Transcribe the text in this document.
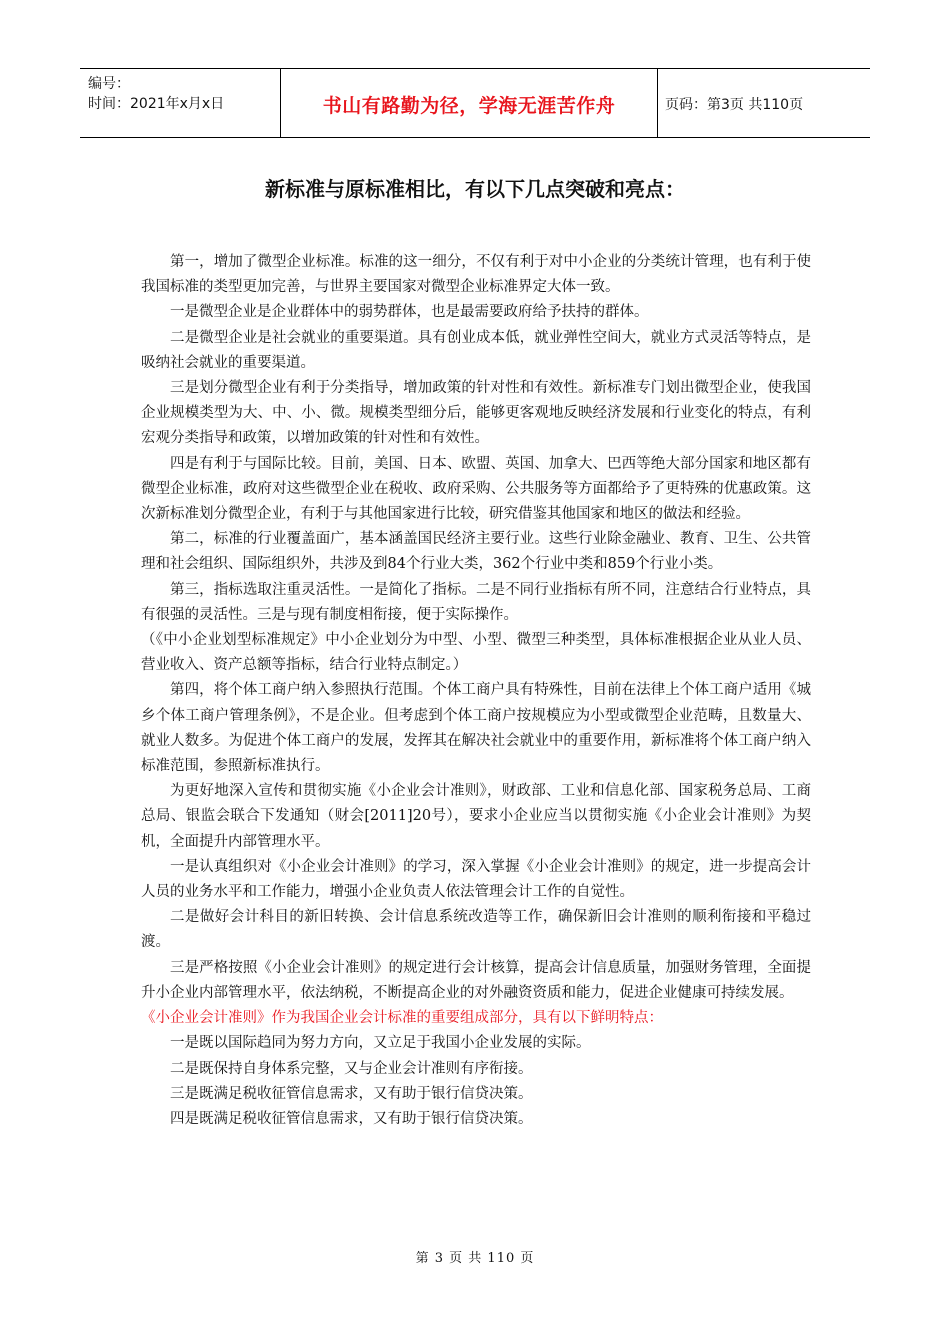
编号：
时间：2021年x月x日	书山有路勤为径，学海无涯苦作舟	页码：第3页 共110页
新标准与原标准相比，有以下几点突破和亮点：

第一，增加了微型企业标准。标准的这一细分，不仅有利于对中小企业的分类统计管理，也有利于使我国标准的类型更加完善，与世界主要国家对微型企业标准界定大体一致。

一是微型企业是企业群体中的弱势群体，也是最需要政府给予扶持的群体。

二是微型企业是社会就业的重要渠道。具有创业成本低，就业弹性空间大，就业方式灵活等特点，是吸纳社会就业的重要渠道。

三是划分微型企业有利于分类指导，增加政策的针对性和有效性。新标准专门划出微型企业，使我国企业规模类型为大、中、小、微。规模类型细分后，能够更客观地反映经济发展和行业变化的特点，有利宏观分类指导和政策，以增加政策的针对性和有效性。

四是有利于与国际比较。目前，美国、日本、欧盟、英国、加拿大、巴西等绝大部分国家和地区都有微型企业标准，政府对这些微型企业在税收、政府采购、公共服务等方面都给予了更特殊的优惠政策。这次新标准划分微型企业，有利于与其他国家进行比较，研究借鉴其他国家和地区的做法和经验。

第二，标准的行业覆盖面广，基本涵盖国民经济主要行业。这些行业除金融业、教育、卫生、公共管理和社会组织、国际组织外，共涉及到84个行业大类，362个行业中类和859个行业小类。

第三，指标选取注重灵活性。一是简化了指标。二是不同行业指标有所不同，注意结合行业特点，具有很强的灵活性。三是与现有制度相衔接，便于实际操作。

（《中小企业划型标准规定》中小企业划分为中型、小型、微型三种类型，具体标准根据企业从业人员、营业收入、资产总额等指标，结合行业特点制定。）

第四，将个体工商户纳入参照执行范围。个体工商户具有特殊性，目前在法律上个体工商户适用《城乡个体工商户管理条例》，不是企业。但考虑到个体工商户按规模应为小型或微型企业范畴，且数量大、就业人数多。为促进个体工商户的发展，发挥其在解决社会就业中的重要作用，新标准将个体工商户纳入标准范围，参照新标准执行。

为更好地深入宣传和贯彻实施《小企业会计准则》，财政部、工业和信息化部、国家税务总局、工商总局、银监会联合下发通知（财会[2011]20号），要求小企业应当以贯彻实施《小企业会计准则》为契机，全面提升内部管理水平。

一是认真组织对《小企业会计准则》的学习，深入掌握《小企业会计准则》的规定，进一步提高会计人员的业务水平和工作能力，增强小企业负责人依法管理会计工作的自觉性。

二是做好会计科目的新旧转换、会计信息系统改造等工作，确保新旧会计准则的顺利衔接和平稳过渡。

三是严格按照《小企业会计准则》的规定进行会计核算，提高会计信息质量，加强财务管理，全面提升小企业内部管理水平，依法纳税，不断提高企业的对外融资资质和能力，促进企业健康可持续发展。

《小企业会计准则》作为我国企业会计标准的重要组成部分，具有以下鲜明特点：

一是既以国际趋同为努力方向，又立足于我国小企业发展的实际。

二是既保持自身体系完整，又与企业会计准则有序衔接。

三是既满足税收征管信息需求，又有助于银行信贷决策。

四是既满足税收征管信息需求，又有助于银行信贷决策。

第 3 页 共 110 页
